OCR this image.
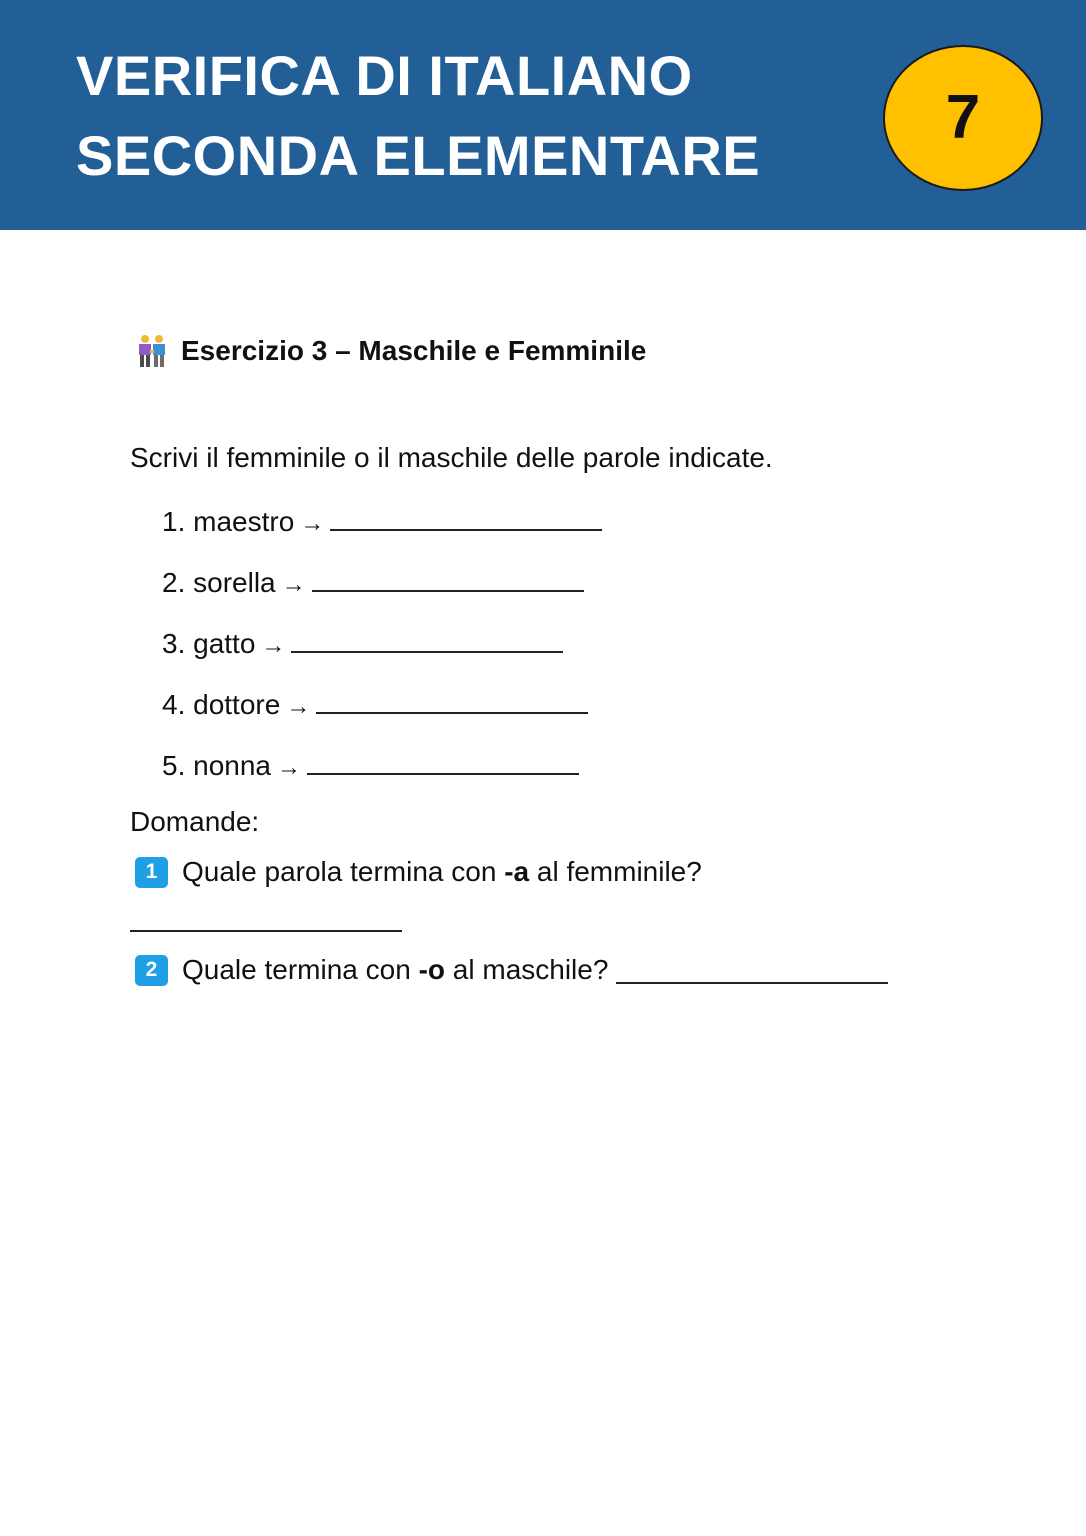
VERIFICA DI ITALIANO
SECONDA ELEMENTARE
7
Esercizio 3 – Maschile e Femminile
Scrivi il femminile o il maschile delle parole indicate.
1. maestro →
2. sorella →
3. gatto →
4. dottore →
5. nonna →
Domande:
1 Quale parola termina con -a al femminile?
2 Quale termina con -o al maschile?
